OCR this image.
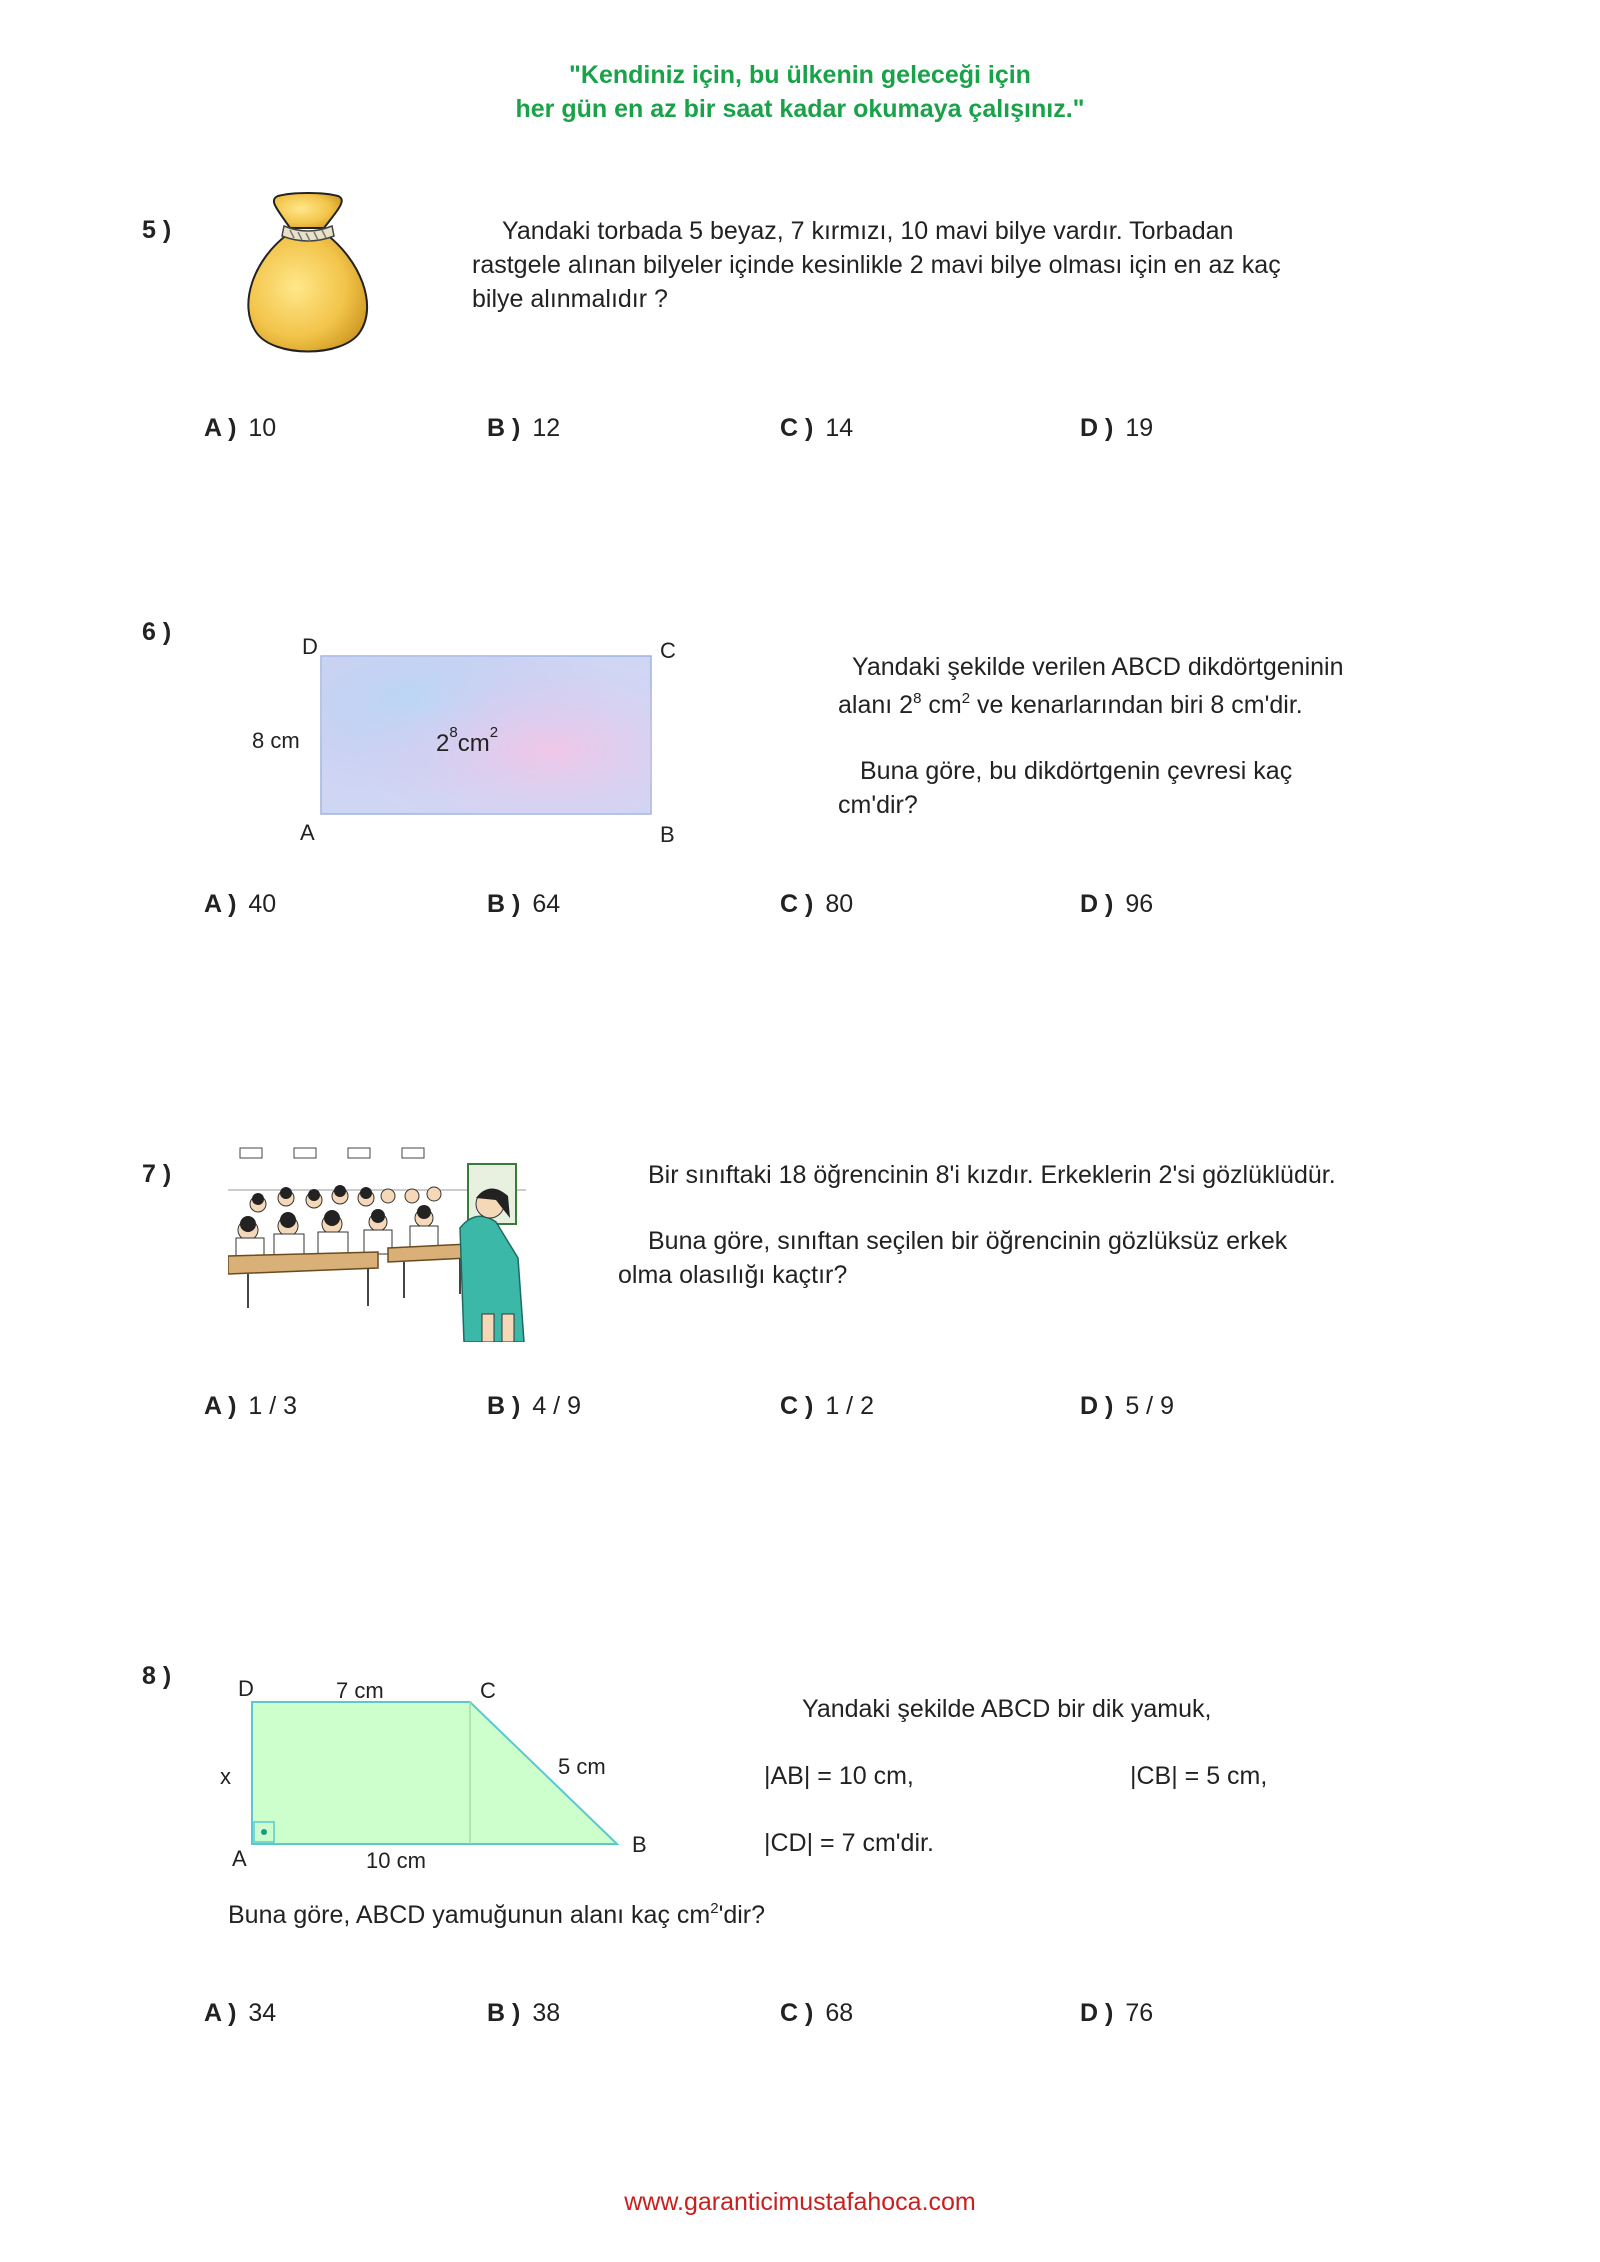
"Kendiniz için, bu ülkenin geleceği için
her gün en az bir saat kadar okumaya çalışınız."
5 )	Yandaki torbada 5 beyaz, 7 kırmızı, 10 mavi bilye vardır. Torbadan

rastgele alınan bilyeler içinde kesinlikle 2 mavi bilye olması için en az kaç

bilye alınmalıdır ?

A ) 10	B ) 12	C ) 14	D ) 19
6 )
D	C
A	B
8 cm	$2^8cm^2$

Yandaki şekilde verilen ABCD dikdörtgeninin

alanı $2^8$ $cm^2$ ve kenarlarından biri 8 cm'dir.

Buna göre, bu dikdörtgenin çevresi kaç

cm'dir?

A ) 40	B ) 64	C ) 80	D ) 96
7 )	Bir sınıftaki 18 öğrencinin 8'i kızdır. Erkeklerin 2'si gözlüklüdür.

Buna göre, sınıftan seçilen bir öğrencinin gözlüksüz erkek

olma olasılığı kaçtır?

A ) 1 / 3	B ) 4 / 9	C ) 1 / 2	D ) 5 / 9
8 )	D	7 cm	C
x	5 cm
A	10 cm
B
Yandaki şekilde ABCD bir dik yamuk,
|AB| = 10 cm,	|CB| = 5 cm,
|CD| = 7 cm'dir.
Buna göre, ABCD yamuğunun alanı kaç $cm^2'dir$?
A ) 34	B ) 38	C ) 68	D ) 76
www.garanticimustafahoca.com
